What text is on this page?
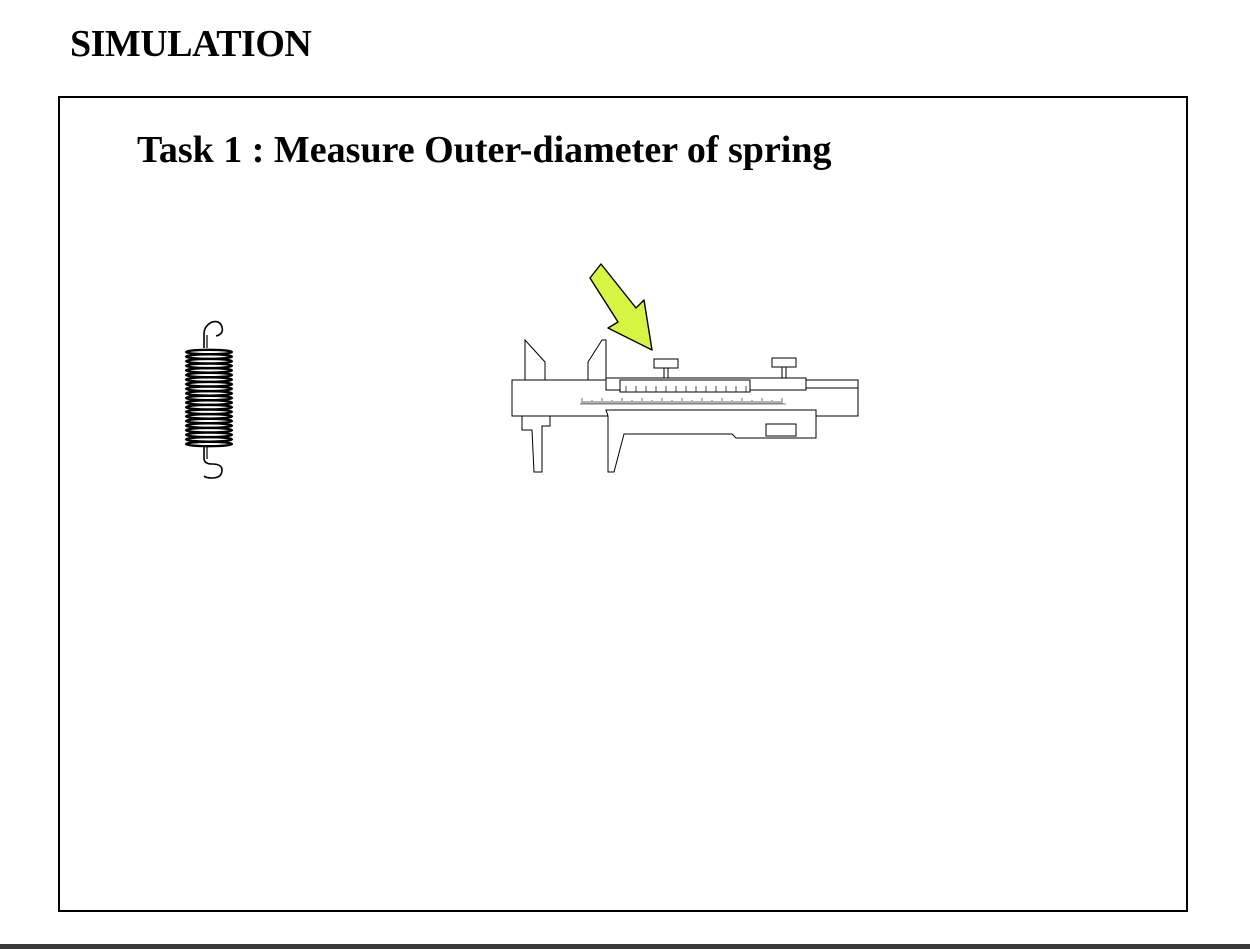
SIMULATION
Task 1 : Measure Outer-diameter of spring
